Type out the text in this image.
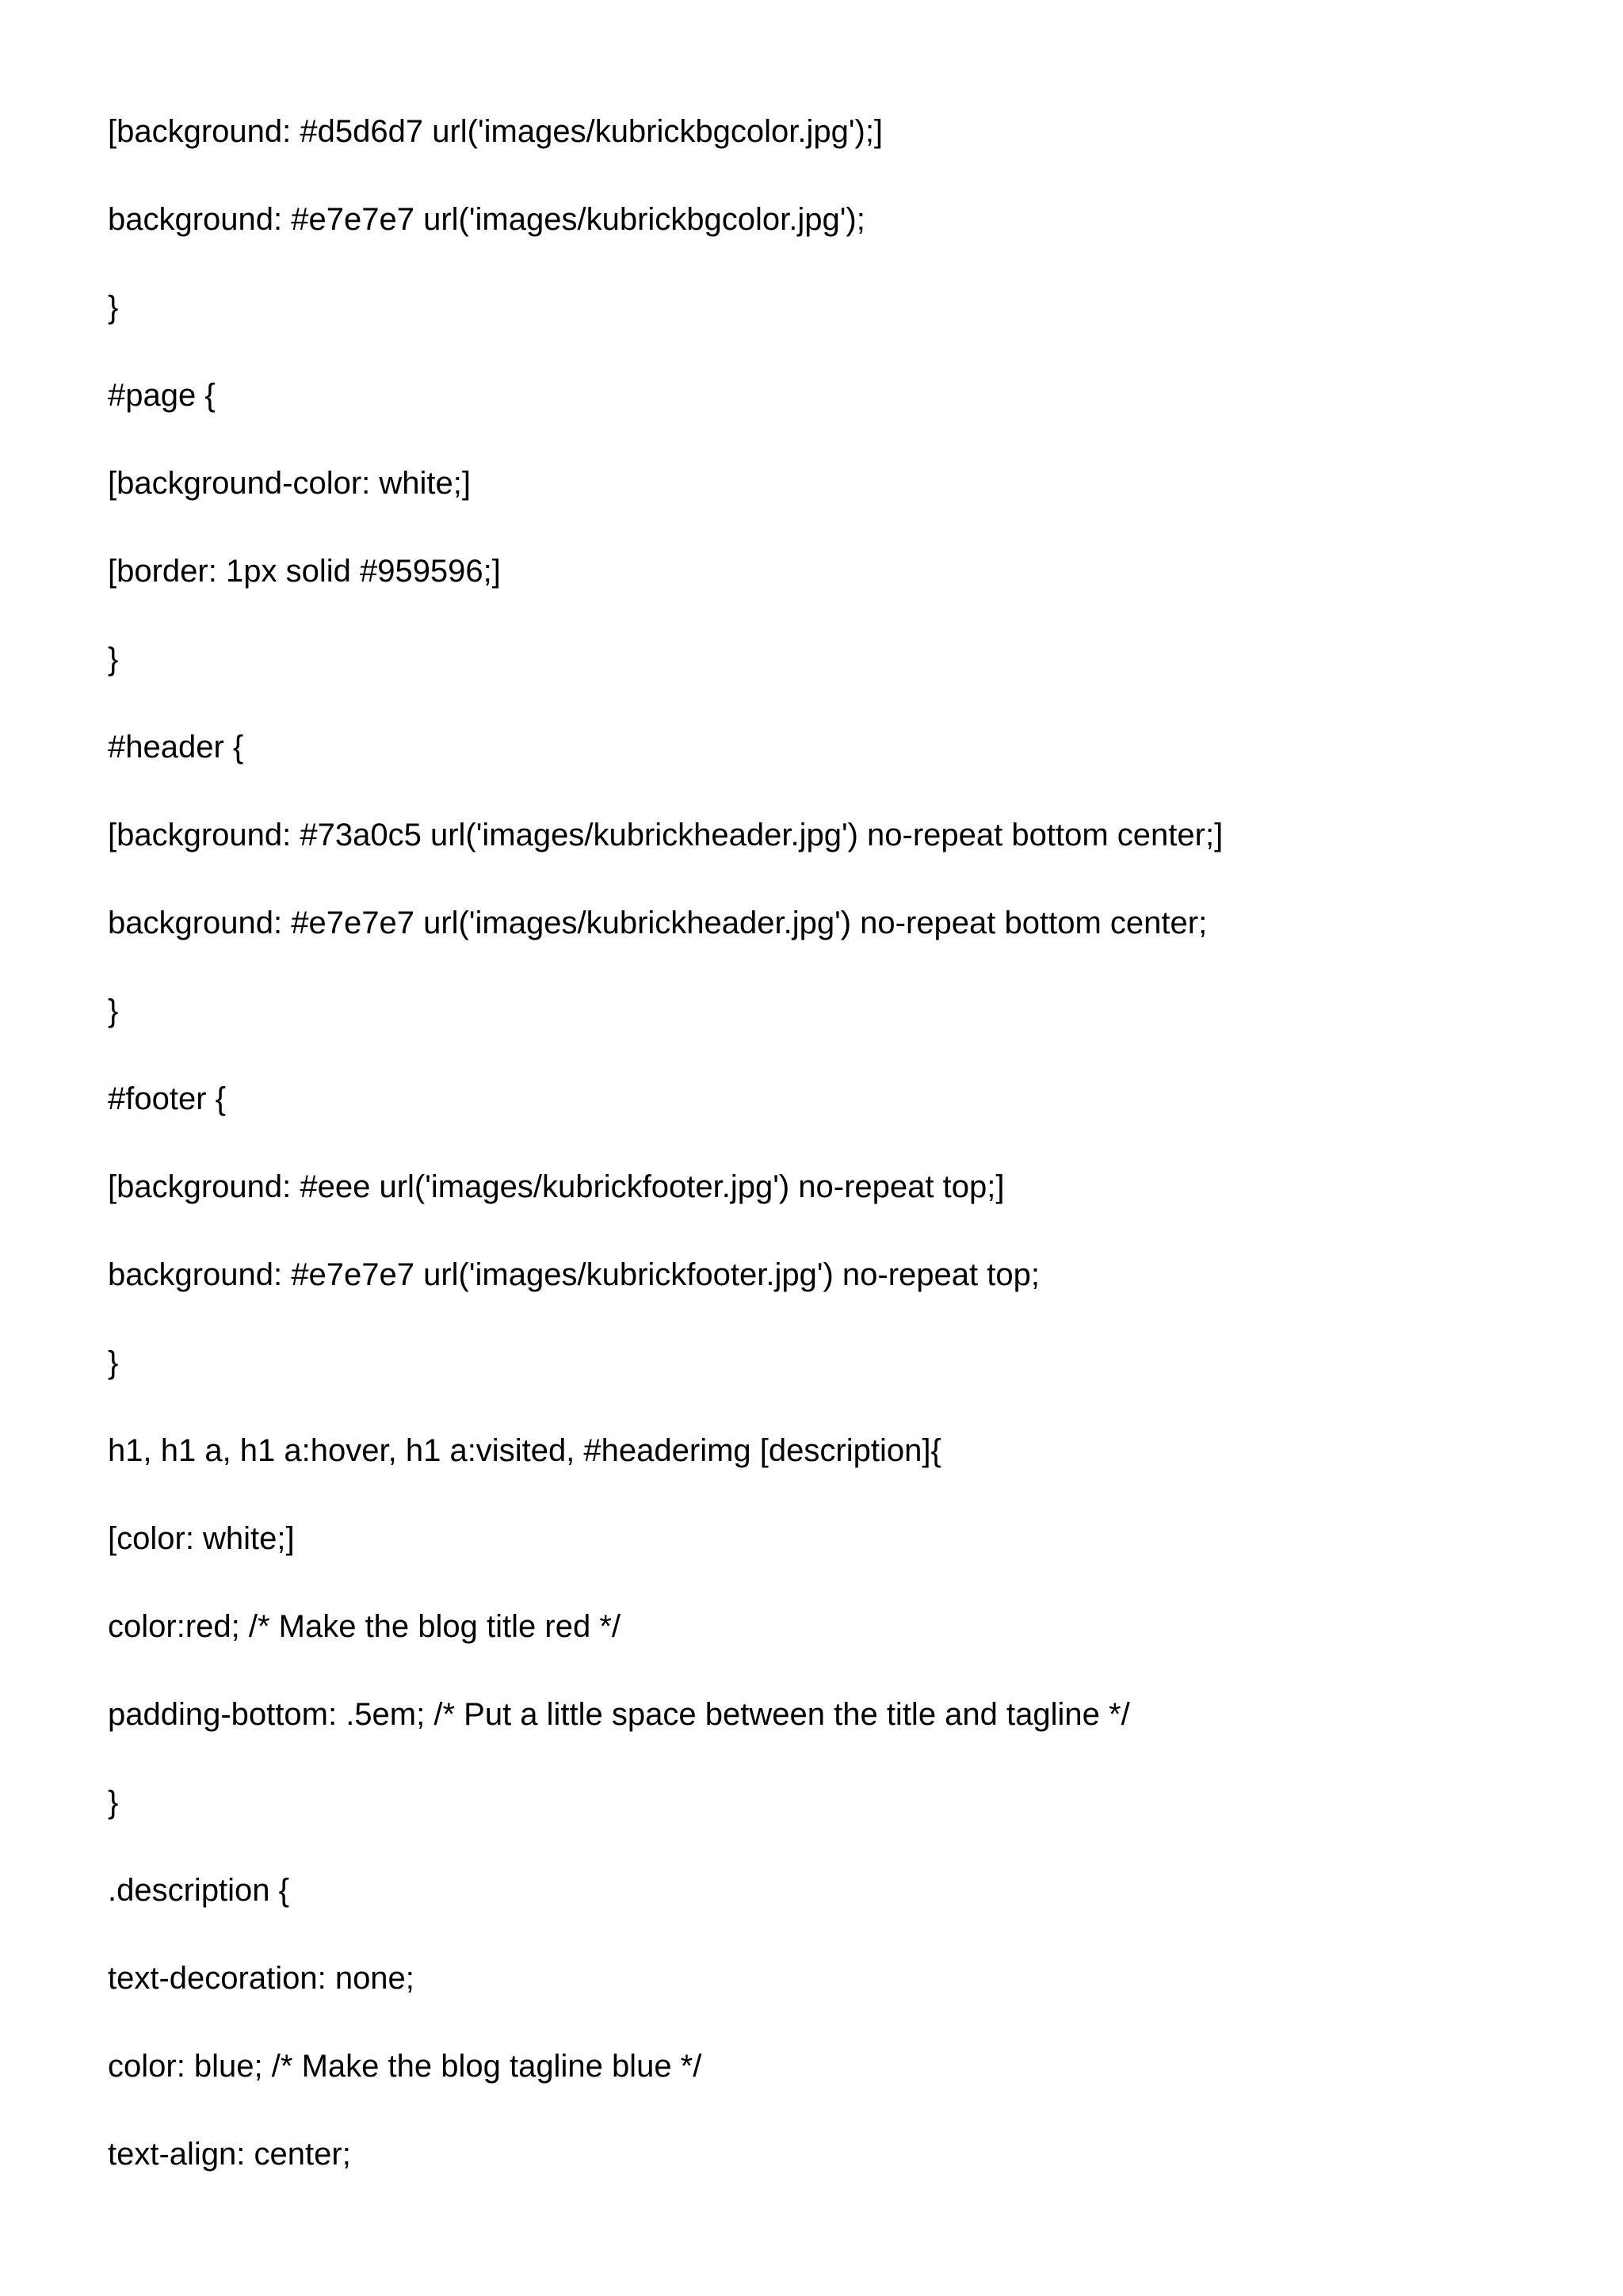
[background: #d5d6d7 url('images/kubrickbgcolor.jpg');]
background: #e7e7e7 url('images/kubrickbgcolor.jpg');
}
#page {
[background-color: white;]
[border: 1px solid #959596;]
}
#header {
[background: #73a0c5 url('images/kubrickheader.jpg') no-repeat bottom center;]
background: #e7e7e7 url('images/kubrickheader.jpg') no-repeat bottom center;
}
#footer {
[background: #eee url('images/kubrickfooter.jpg') no-repeat top;]
background: #e7e7e7 url('images/kubrickfooter.jpg') no-repeat top;
}
h1, h1 a, h1 a:hover, h1 a:visited, #headerimg [description]{
[color: white;]
color:red; /* Make the blog title red */
padding-bottom: .5em; /* Put a little space between the title and tagline */
}
.description {
text-decoration: none;
color: blue; /* Make the blog tagline blue */
text-align: center;
